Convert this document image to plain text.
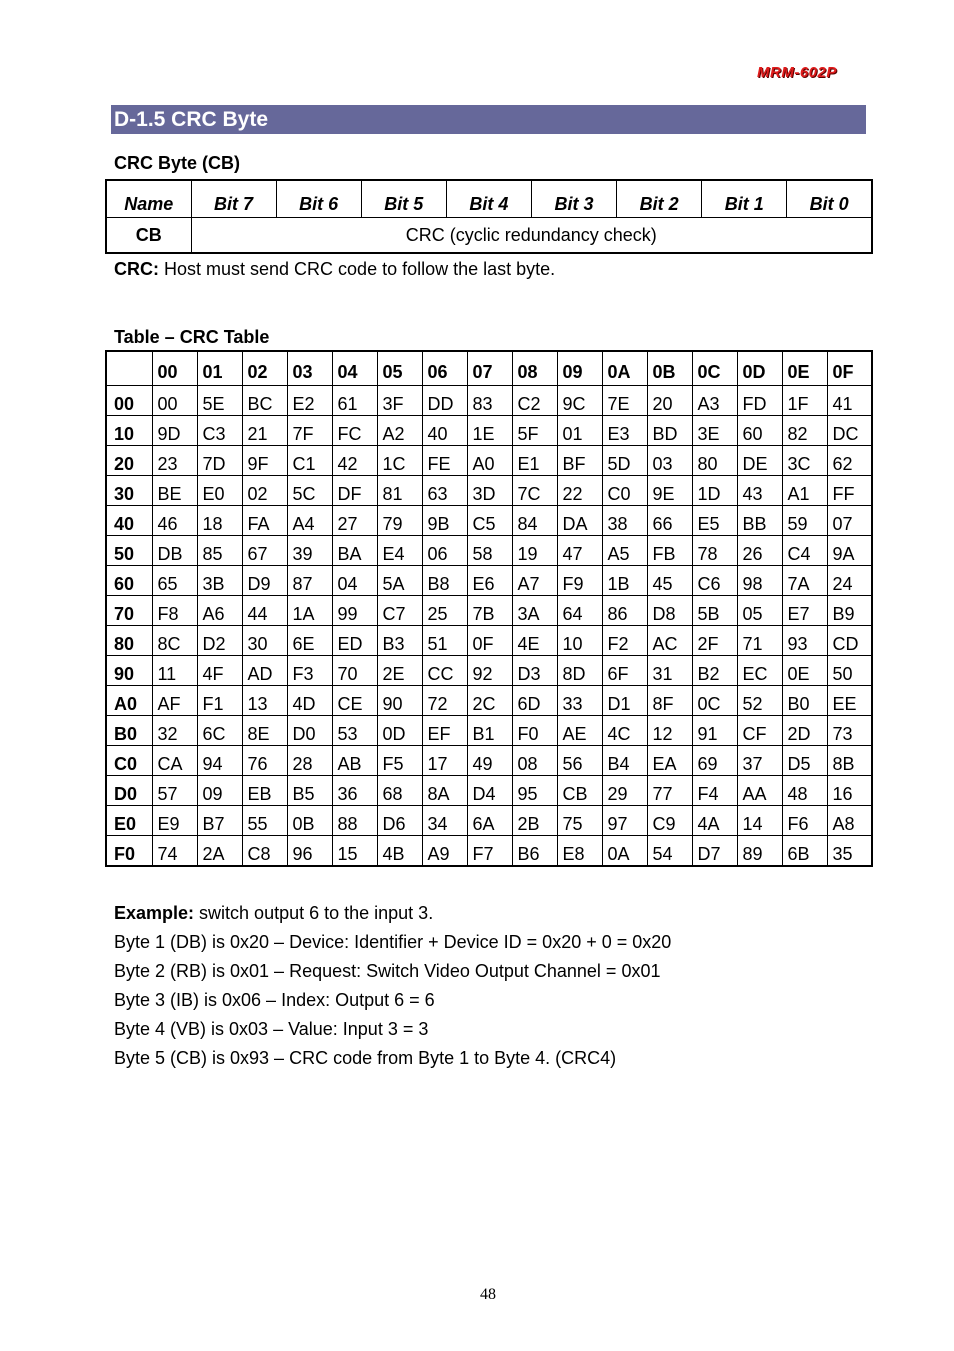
MRM-602P
D-1.5 CRC Byte
CRC Byte (CB)
Name	Bit 7	Bit 6	Bit 5	Bit 4	Bit 3	Bit 2	Bit 1	Bit 0
CB	CRC (cyclic redundancy check)							
CRC: Host must send CRC code to follow the last byte.
Table – CRC Table
	00	01	02	03	04	05	06	07	08	09	0A	0B	0C	0D	0E	0F
00	00	5E	BC	E2	61	3F	DD	83	C2	9C	7E	20	A3	FD	1F	41
10	9D	C3	21	7F	FC	A2	40	1E	5F	01	E3	BD	3E	60	82	DC
20	23	7D	9F	C1	42	1C	FE	A0	E1	BF	5D	03	80	DE	3C	62
30	BE	E0	02	5C	DF	81	63	3D	7C	22	C0	9E	1D	43	A1	FF
40	46	18	FA	A4	27	79	9B	C5	84	DA	38	66	E5	BB	59	07
50	DB	85	67	39	BA	E4	06	58	19	47	A5	FB	78	26	C4	9A
60	65	3B	D9	87	04	5A	B8	E6	A7	F9	1B	45	C6	98	7A	24
70	F8	A6	44	1A	99	C7	25	7B	3A	64	86	D8	5B	05	E7	B9
80	8C	D2	30	6E	ED	B3	51	0F	4E	10	F2	AC	2F	71	93	CD
90	11	4F	AD	F3	70	2E	CC	92	D3	8D	6F	31	B2	EC	0E	50
A0	AF	F1	13	4D	CE	90	72	2C	6D	33	D1	8F	0C	52	B0	EE
B0	32	6C	8E	D0	53	0D	EF	B1	F0	AE	4C	12	91	CF	2D	73
C0	CA	94	76	28	AB	F5	17	49	08	56	B4	EA	69	37	D5	8B
D0	57	09	EB	B5	36	68	8A	D4	95	CB	29	77	F4	AA	48	16
E0	E9	B7	55	0B	88	D6	34	6A	2B	75	97	C9	4A	14	F6	A8
F0	74	2A	C8	96	15	4B	A9	F7	B6	E8	0A	54	D7	89	6B	35
Example: switch output 6 to the input 3.
Byte 1 (DB) is 0x20 – Device: Identifier + Device ID = 0x20 + 0 = 0x20
Byte 2 (RB) is 0x01 – Request: Switch Video Output Channel = 0x01
Byte 3 (IB) is 0x06 – Index: Output 6 = 6
Byte 4 (VB) is 0x03 – Value: Input 3 = 3
Byte 5 (CB) is 0x93 – CRC code from Byte 1 to Byte 4. (CRC4)
48
